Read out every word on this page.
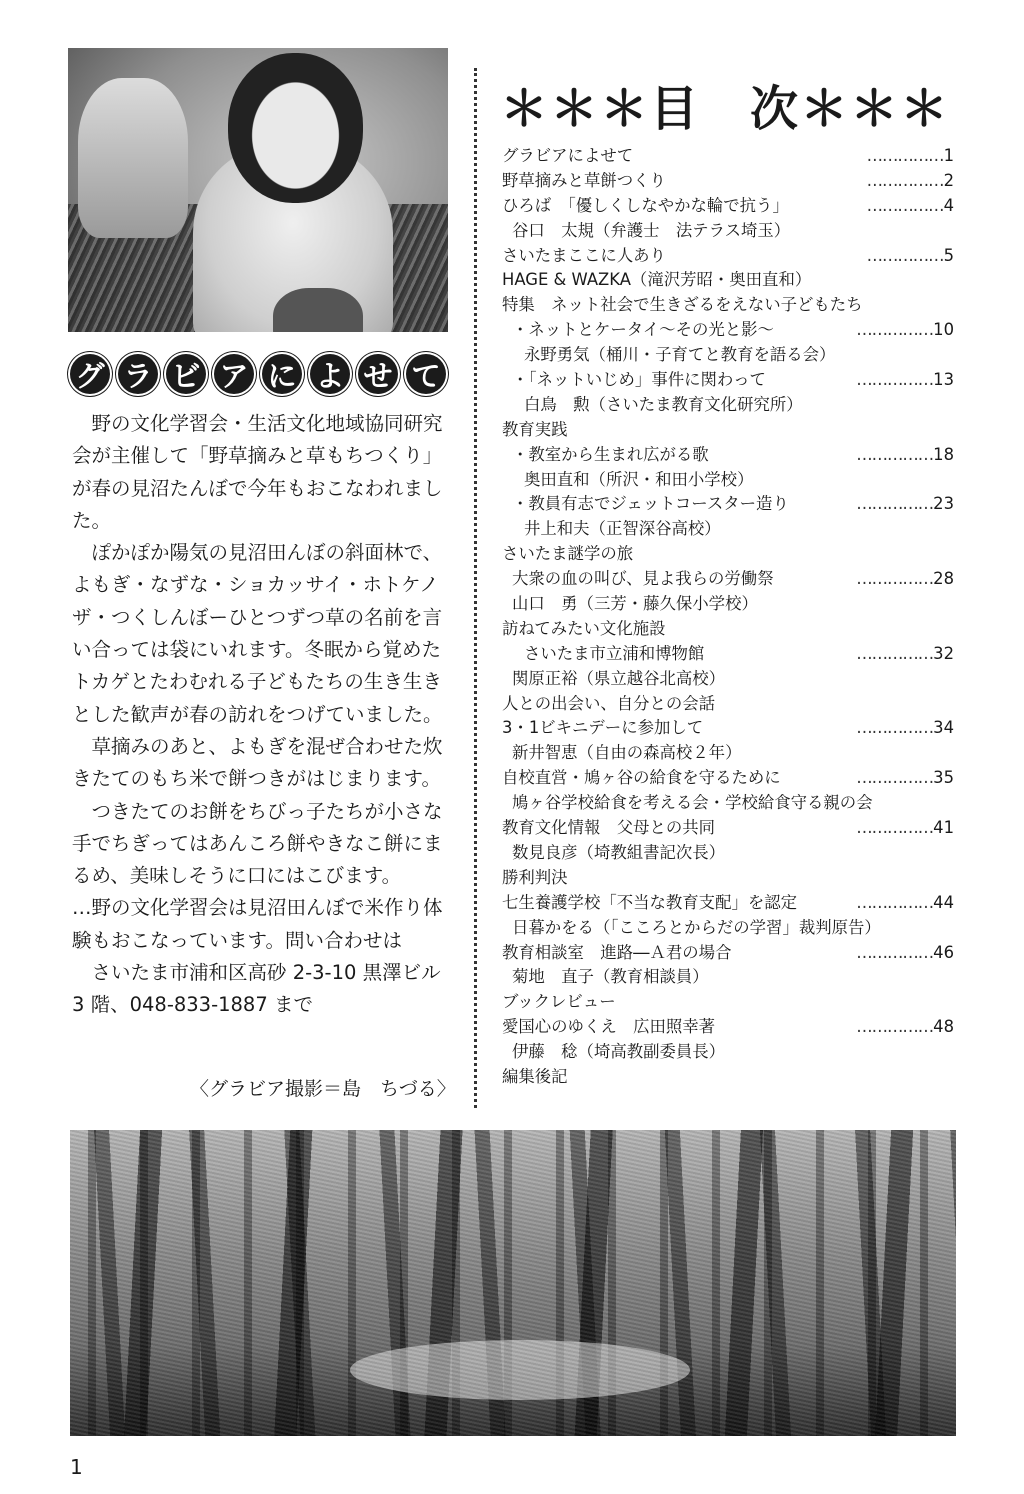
グ ラ ビ ア に よ せ て

野の文化学習会・生活文化地域協同研究会が主催して「野草摘みと草もちつくり」が春の見沼たんぼで今年もおこなわれました。

ぽかぽか陽気の見沼田んぼの斜面林で、よもぎ・なずな・ショカッサイ・ホトケノザ・つくしんぼーひとつずつ草の名前を言い合っては袋にいれます。冬眠から覚めたトカゲとたわむれる子どもたちの生き生きとした歓声が春の訪れをつげていました。

草摘みのあと、よもぎを混ぜ合わせた炊きたてのもち米で餅つきがはじまります。

つきたてのお餅をちびっ子たちが小さな手でちぎってはあんころ餅やきなこ餅にまるめ、美味しそうに口にはこびます。

…野の文化学習会は見沼田んぼで米作り体験もおこなっています。問い合わせは

さいたま市浦和区高砂 2-3-10 黒澤ビル 3 階、048-833-1887 まで

〈グラビア撮影＝島　ちづる〉
＊＊＊目　次＊＊＊
グラビアによせて	…………… 1
野草摘みと草餅つくり	…………… 2
ひろば　「優しくしなやかな輪で抗う」	…………… 4
谷口　太規（弁護士　法テラス埼玉）
さいたまここに人あり	…………… 5
HAGE & WAZKA（滝沢芳昭・奥田直和）
特集　ネット社会で生きざるをえない子どもたち
・ネットとケータイ〜その光と影〜	…………… 10
永野勇気（桶川・子育てと教育を語る会）
・「ネットいじめ」事件に関わって	…………… 13
白鳥　勲（さいたま教育文化研究所）
教育実践
・教室から生まれ広がる歌	…………… 18
奥田直和（所沢・和田小学校）
・教員有志でジェットコースター造り	…………… 23
井上和夫（正智深谷高校）
さいたま謎学の旅
大衆の血の叫び、見よ我らの労働祭	…………… 28
山口　勇（三芳・藤久保小学校）
訪ねてみたい文化施設
さいたま市立浦和博物館	…………… 32
関原正裕（県立越谷北高校）
人との出会い、自分との会話
3・1ビキニデーに参加して	…………… 34
新井智恵（自由の森高校２年）
自校直営・鳩ヶ谷の給食を守るために	…………… 35
鳩ヶ谷学校給食を考える会・学校給食守る親の会
教育文化情報　父母との共同	…………… 41
数見良彦（埼教組書記次長）
勝利判決
七生養護学校「不当な教育支配」を認定	…………… 44
日暮かをる（「こころとからだの学習」裁判原告）
教育相談室　進路―Ａ君の場合	…………… 46
菊地　直子（教育相談員）
ブックレビュー
愛国心のゆくえ　広田照幸著	…………… 48
伊藤　稔（埼高教副委員長）
編集後記
1
